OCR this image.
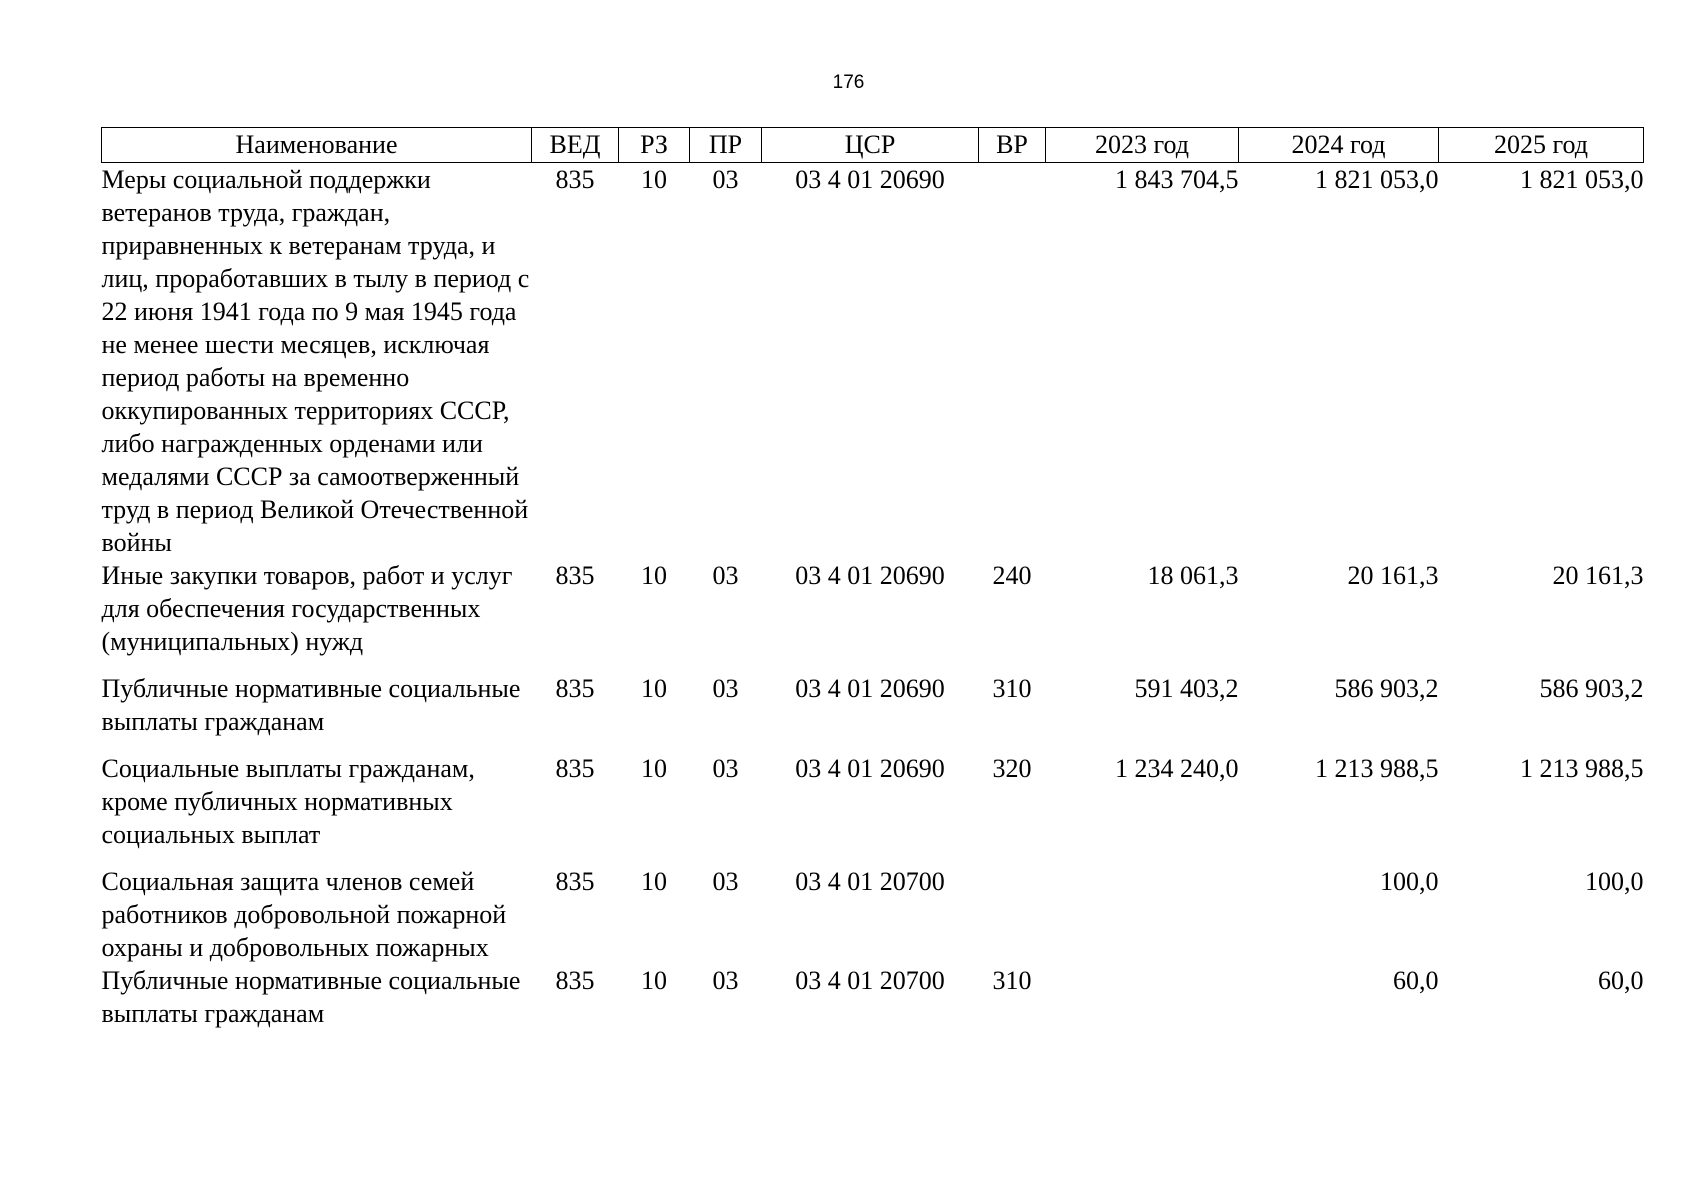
176
Наименование	ВЕД	РЗ	ПР	ЦСР	ВР	2023 год	2024 год	2025 год
Меры социальной поддержки ветеранов труда, граждан, приравненных к ветеранам труда, и лиц, проработавших в тылу в период с 22 июня 1941 года по 9 мая 1945 года не менее шести месяцев, исключая период работы на временно оккупированных территориях СССР, либо награжденных орденами или медалями СССР за самоотверженный труд в период Великой Отечественной войны	835	10	03	03 4 01 20690		1 843 704,5	1 821 053,0	1 821 053,0
Иные закупки товаров, работ и услуг для обеспечения государственных (муниципальных) нужд	835	10	03	03 4 01 20690	240	18 061,3	20 161,3	20 161,3

Публичные нормативные социальные выплаты гражданам	835	10	03	03 4 01 20690	310	591 403,2	586 903,2	586 903,2

Социальные выплаты гражданам, кроме публичных нормативных социальных выплат	835	10	03	03 4 01 20690	320	1 234 240,0	1 213 988,5	1 213 988,5

Социальная защита членов семей работников добровольной пожарной охраны и добровольных пожарных	835	10	03	03 4 01 20700			100,0	100,0
Публичные нормативные социальные выплаты гражданам	835	10	03	03 4 01 20700	310		60,0	60,0
